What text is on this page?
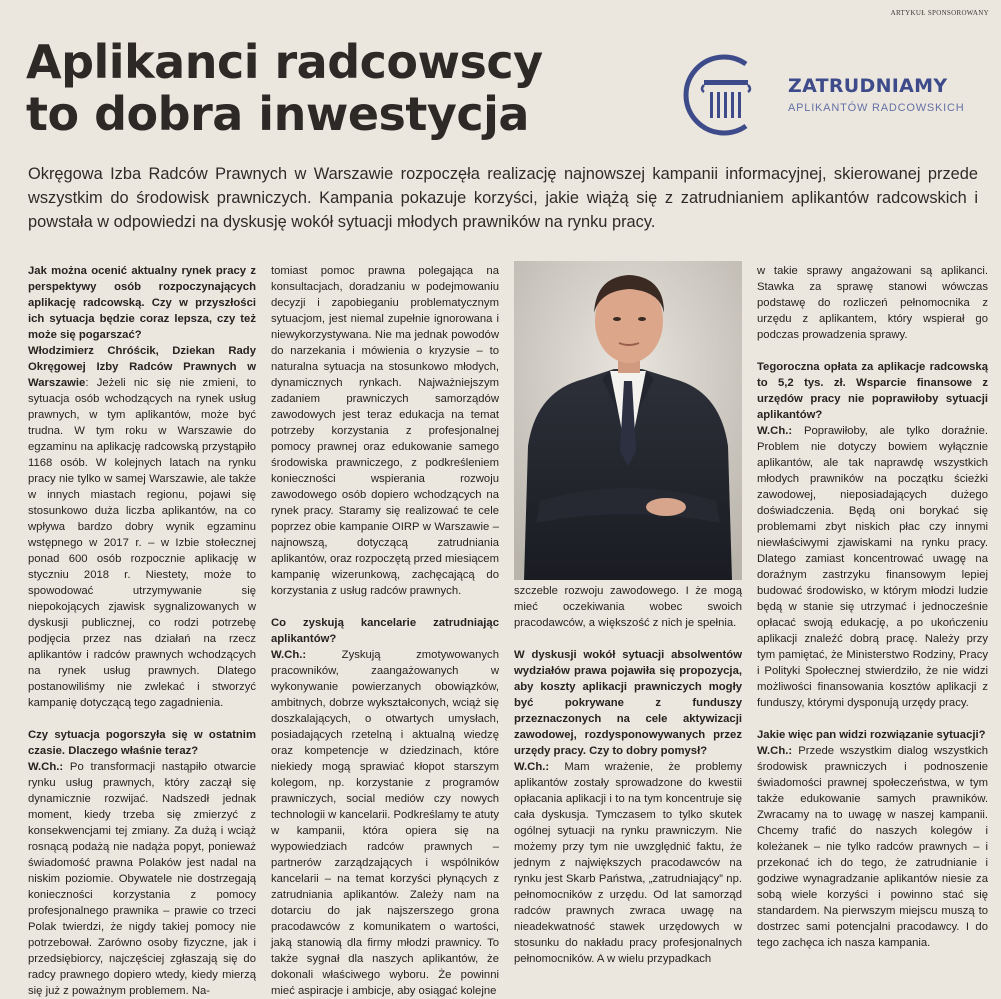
ARTYKUŁ SPONSOROWANY
Aplikanci radcowscy
to dobra inwestycja
ZATRUDNIAMY
APLIKANTÓW RADCOWSKICH
Okręgowa Izba Radców Prawnych w Warszawie rozpoczęła realizację najnowszej kampanii informacyjnej, skierowanej przede wszystkim do środowisk prawniczych. Kampania pokazuje korzyści, jakie wiążą się z zatrudnianiem aplikantów radcowskich i powstała w odpowiedzi na dyskusję wokół sytuacji młodych prawników na rynku pracy.

Jak można ocenić aktualny rynek pracy z perspektywy osób rozpoczynających aplikację radcowską. Czy w przyszłości ich sytuacja będzie coraz lepsza, czy też może się pogarszać?

Włodzimierz Chróścik, Dziekan Rady Okręgowej Izby Radców Prawnych w Warszawie: Jeżeli nic się nie zmieni, to sytuacja osób wchodzących na rynek usług prawnych, w tym aplikantów, może być trudna. W tym roku w Warszawie do egzaminu na aplikację radcowską przystąpiło 1168 osób. W kolejnych latach na rynku pracy nie tylko w samej Warszawie, ale także w innych miastach regionu, pojawi się stosunkowo duża liczba aplikantów, na co wpływa bardzo dobry wynik egzaminu wstępnego w 2017 r. – w Izbie stołecznej ponad 600 osób rozpocznie aplikację w styczniu 2018 r. Niestety, może to spowodować utrzymywanie się niepokojących zjawisk sygnalizowanych w dyskusji publicznej, co rodzi potrzebę podjęcia przez nas działań na rzecz aplikantów i radców prawnych wchodzących na rynek usług prawnych. Dlatego postanowiliśmy nie zwlekać i stworzyć kampanię dotyczącą tego zagadnienia.

Czy sytuacja pogorszyła się w ostatnim czasie. Dlaczego właśnie teraz?

W.Ch.: Po transformacji nastąpiło otwarcie rynku usług prawnych, który zaczął się dynamicznie rozwijać. Nadszedł jednak moment, kiedy trzeba się zmierzyć z konsekwencjami tej zmiany. Za dużą i wciąż rosnącą podażą nie nadąża popyt, ponieważ świadomość prawna Polaków jest nadal na niskim poziomie. Obywatele nie dostrzegają konieczności korzystania z pomocy profesjonalnego prawnika – prawie co trzeci Polak twierdzi, że nigdy takiej pomocy nie potrzebował. Zarówno osoby fizyczne, jak i przedsiębiorcy, najczęściej zgłaszają się do radcy prawnego dopiero wtedy, kiedy mierzą się już z poważnym problemem. Na-

tomiast pomoc prawna polegająca na konsultacjach, doradzaniu w podejmowaniu decyzji i zapobieganiu problematycznym sytuacjom, jest niemal zupełnie ignorowana i niewykorzystywana. Nie ma jednak powodów do narzekania i mówienia o kryzysie – to naturalna sytuacja na stosunkowo młodych, dynamicznych rynkach. Najważniejszym zadaniem prawniczych samorządów zawodowych jest teraz edukacja na temat potrzeby korzystania z profesjonalnej pomocy prawnej oraz edukowanie samego środowiska prawniczego, z podkreśleniem konieczności wspierania rozwoju zawodowego osób dopiero wchodzących na rynek pracy. Staramy się realizować te cele poprzez obie kampanie OIRP w Warszawie – najnowszą, dotyczącą zatrudniania aplikantów, oraz rozpoczętą przed miesiącem kampanię wizerunkową, zachęcającą do korzystania z usług radców prawnych.

Co zyskują kancelarie zatrudniając aplikantów?

W.Ch.: Zyskują zmotywowanych pracowników, zaangażowanych w wykonywanie powierzanych obowiązków, ambitnych, dobrze wykształconych, wciąż się doszkalających, o otwartych umysłach, posiadających rzetelną i aktualną wiedzę oraz kompetencje w dziedzinach, które niekiedy mogą sprawiać kłopot starszym kolegom, np. korzystanie z programów prawniczych, social mediów czy nowych technologii w kancelarii. Podkreślamy te atuty w kampanii, która opiera się na wypowiedziach radców prawnych – partnerów zarządzających i wspólników kancelarii – na temat korzyści płynących z zatrudniania aplikantów. Zależy nam na dotarciu do jak najszerszego grona pracodawców z komunikatem o wartości, jaką stanowią dla firmy młodzi prawnicy. To także sygnał dla naszych aplikantów, że dokonali właściwego wyboru. Że powinni mieć aspiracje i ambicje, aby osiągać kolejne

szczeble rozwoju zawodowego. I że mogą mieć oczekiwania wobec swoich pracodawców, a większość z nich je spełnia.

W dyskusji wokół sytuacji absolwentów wydziałów prawa pojawiła się propozycja, aby koszty aplikacji prawniczych mogły być pokrywane z funduszy przeznaczonych na cele aktywizacji zawodowej, rozdysponowywanych przez urzędy pracy. Czy to dobry pomysł?

W.Ch.: Mam wrażenie, że problemy aplikantów zostały sprowadzone do kwestii opłacania aplikacji i to na tym koncentruje się cała dyskusja. Tymczasem to tylko skutek ogólnej sytuacji na rynku prawniczym. Nie możemy przy tym nie uwzględnić faktu, że jednym z największych pracodawców na rynku jest Skarb Państwa, „zatrudniający” np. pełnomocników z urzędu. Od lat samorząd radców prawnych zwraca uwagę na nieadekwatność stawek urzędowych w stosunku do nakładu pracy profesjonalnych pełnomocników. A w wielu przypadkach

w takie sprawy angażowani są aplikanci. Stawka za sprawę stanowi wówczas podstawę do rozliczeń pełnomocnika z urzędu z aplikantem, który wspierał go podczas prowadzenia sprawy.

Tegoroczna opłata za aplikacje radcowską to 5,2 tys. zł. Wsparcie finansowe z urzędów pracy nie poprawiłoby sytuacji aplikantów?

W.Ch.: Poprawiłoby, ale tylko doraźnie. Problem nie dotyczy bowiem wyłącznie aplikantów, ale tak naprawdę wszystkich młodych prawników na początku ścieżki zawodowej, nieposiadających dużego doświadczenia. Będą oni borykać się problemami zbyt niskich płac czy innymi niewłaściwymi zjawiskami na rynku pracy. Dlatego zamiast koncentrować uwagę na doraźnym zastrzyku finansowym lepiej budować środowisko, w którym młodzi ludzie będą w stanie się utrzymać i jednocześnie opłacać swoją edukację, a po ukończeniu aplikacji znaleźć dobrą pracę. Należy przy tym pamiętać, że Ministerstwo Rodziny, Pracy i Polityki Społecznej stwierdziło, że nie widzi możliwości finansowania kosztów aplikacji z funduszy, którymi dysponują urzędy pracy.

Jakie więc pan widzi rozwiązanie sytuacji?

W.Ch.: Przede wszystkim dialog wszystkich środowisk prawniczych i podnoszenie świadomości prawnej społeczeństwa, w tym także edukowanie samych prawników. Zwracamy na to uwagę w naszej kampanii. Chcemy trafić do naszych kolegów i koleżanek – nie tylko radców prawnych – i przekonać ich do tego, że zatrudnianie i godziwe wynagradzanie aplikantów niesie za sobą wiele korzyści i powinno stać się standardem. Na pierwszym miejscu muszą to dostrzec sami potencjalni pracodawcy. I do tego zachęca ich nasza kampania.
